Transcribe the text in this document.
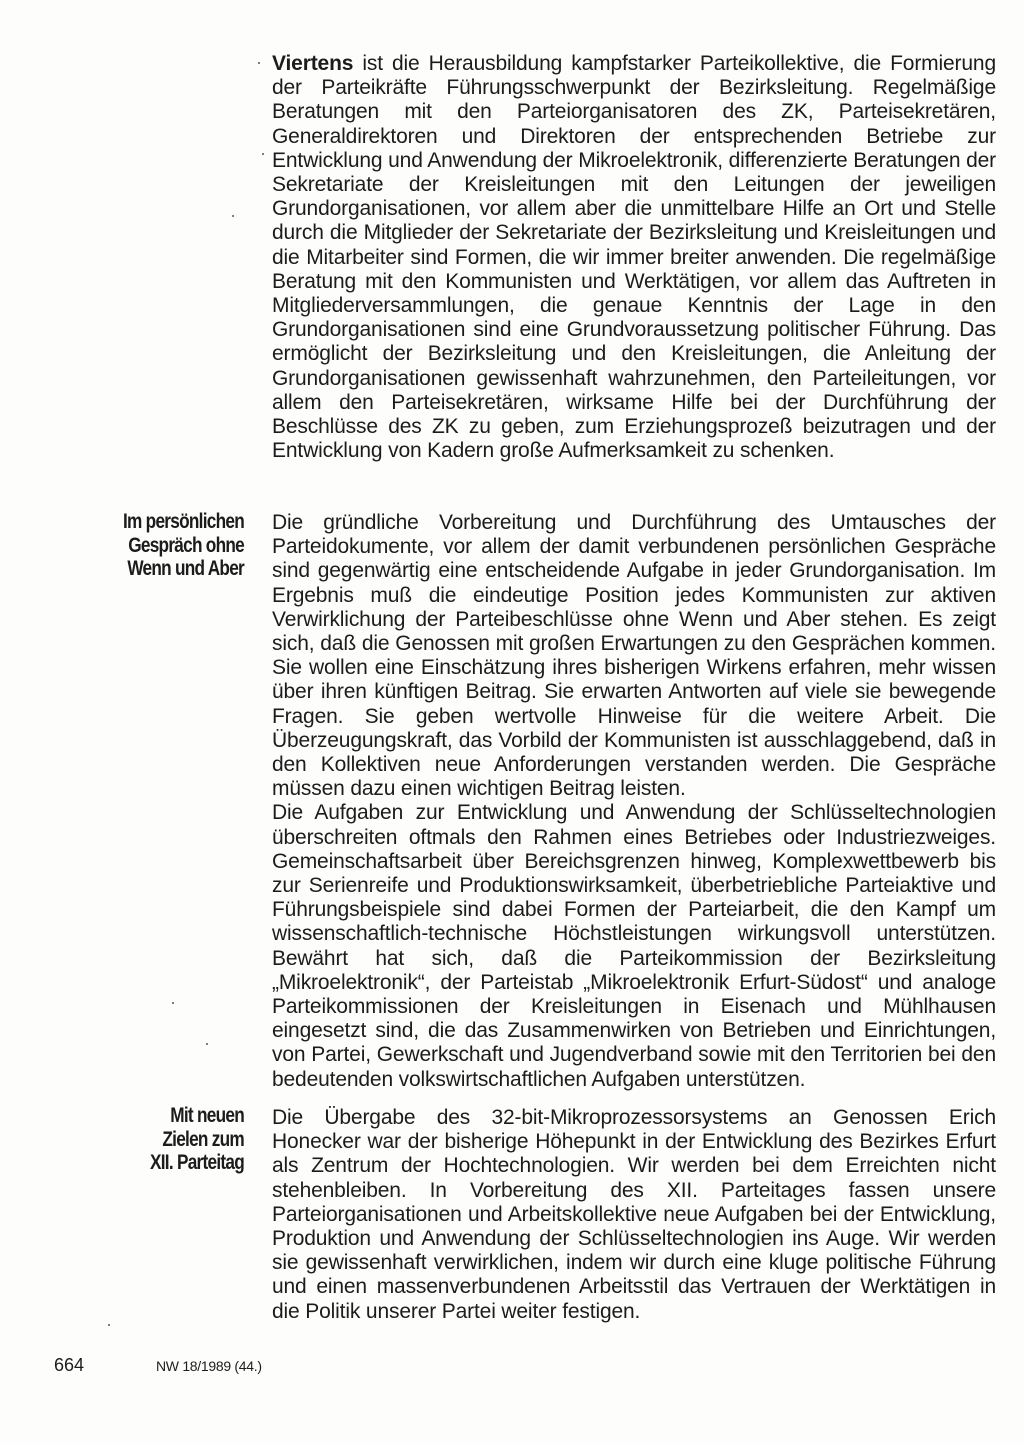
Viertens ist die Herausbildung kampfstarker Parteikollektive, die Formierung der Parteikräfte Führungsschwerpunkt der Bezirksleitung. Regelmäßige Beratungen mit den Parteiorganisatoren des ZK, Parteisekretären, Generaldirektoren und Direktoren der entsprechenden Betriebe zur Entwicklung und Anwendung der Mikroelektronik, differenzierte Beratungen der Sekretariate der Kreisleitungen mit den Leitungen der jeweiligen Grundorganisationen, vor allem aber die unmittelbare Hilfe an Ort und Stelle durch die Mitglieder der Sekretariate der Bezirksleitung und Kreisleitungen und die Mitarbeiter sind Formen, die wir immer breiter anwenden. Die regelmäßige Beratung mit den Kommunisten und Werktätigen, vor allem das Auftreten in Mitgliederversammlungen, die genaue Kenntnis der Lage in den Grundorganisationen sind eine Grundvoraussetzung politischer Führung. Das ermöglicht der Bezirksleitung und den Kreisleitungen, die Anleitung der Grundorganisationen gewissenhaft wahrzunehmen, den Parteileitungen, vor allem den Parteisekretären, wirksame Hilfe bei der Durchführung der Beschlüsse des ZK zu geben, zum Erziehungsprozeß beizutragen und der Entwicklung von Kadern große Aufmerksamkeit zu schenken.

Im persönlichen
Gespräch ohne
Wenn und Aber

Die gründliche Vorbereitung und Durchführung des Umtausches der Parteidokumente, vor allem der damit verbundenen persönlichen Gespräche sind gegenwärtig eine entscheidende Aufgabe in jeder Grundorganisation. Im Ergebnis muß die eindeutige Position jedes Kommunisten zur aktiven Verwirklichung der Parteibeschlüsse ohne Wenn und Aber stehen. Es zeigt sich, daß die Genossen mit großen Erwartungen zu den Gesprächen kommen. Sie wollen eine Einschätzung ihres bisherigen Wirkens erfahren, mehr wissen über ihren künftigen Beitrag. Sie erwarten Antworten auf viele sie bewegende Fragen. Sie geben wertvolle Hinweise für die weitere Arbeit. Die Überzeugungskraft, das Vorbild der Kommunisten ist ausschlaggebend, daß in den Kollektiven neue Anforderungen verstanden werden. Die Gespräche müssen dazu einen wichtigen Beitrag leisten.

Die Aufgaben zur Entwicklung und Anwendung der Schlüsseltechnologien überschreiten oftmals den Rahmen eines Betriebes oder Industriezweiges. Gemeinschaftsarbeit über Bereichsgrenzen hinweg, Komplexwettbewerb bis zur Serienreife und Produktionswirksamkeit, überbetriebliche Parteiaktive und Führungsbeispiele sind dabei Formen der Parteiarbeit, die den Kampf um wissenschaftlich-technische Höchstleistungen wirkungsvoll unterstützen. Bewährt hat sich, daß die Parteikommission der Bezirksleitung „Mikroelektronik“, der Parteistab „Mikroelektronik Erfurt-Südost“ und analoge Parteikommissionen der Kreisleitungen in Eisenach und Mühlhausen eingesetzt sind, die das Zusammenwirken von Betrieben und Einrichtungen, von Partei, Gewerkschaft und Jugendverband sowie mit den Territorien bei den bedeutenden volkswirtschaftlichen Aufgaben unterstützen.

Mit neuen
Zielen zum
XII. Parteitag

Die Übergabe des 32-bit-Mikroprozessorsystems an Genossen Erich Honecker war der bisherige Höhepunkt in der Entwicklung des Bezirkes Erfurt als Zentrum der Hochtechnologien. Wir werden bei dem Erreichten nicht stehenbleiben. In Vorbereitung des XII. Parteitages fassen unsere Parteiorganisationen und Arbeitskollektive neue Aufgaben bei der Entwicklung, Produktion und Anwendung der Schlüsseltechnologien ins Auge. Wir werden sie gewissenhaft verwirklichen, indem wir durch eine kluge politische Führung und einen massenverbundenen Arbeitsstil das Vertrauen der Werktätigen in die Politik unserer Partei weiter festigen.

664	NW 18/1989 (44.)
